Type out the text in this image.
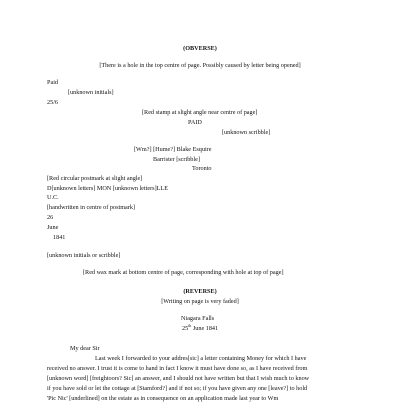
(OBVERSE)
[There is a hole in the top centre of page. Possibly caused by letter being opened]
Paid
[unknown initials]
25/6
[Red stamp at slight angle near centre of page]
PAID
[unknown scribble]
[Wm?] [Hume?] Blake Esquire
Barrister [scribble]
Toronto
[Red circular postmark at slight angle]
D[unknown letters] MON [unknown letters]LLE
U.C.
[handwritten in centre of postmark]
26
June
1841
[unknown initials or scribble]
[Red wax mark at bottom centre of page, corresponding with hole at top of page]
(REVERSE)
[Writing on page is very faded]
Niagara Falls
25th June 1841
My dear Sir
Last week I forwarded to your addres[sic] a letter containing Money for which I have
received no answer. I trust it is come to hand in fact I know it must have done so, as I have received from
[unknown word] [freightoors? Sic] an answer, and I should not have written but that I wish much to know
if you have sold or let the cottage at [Stamford?] and if not so; if you have given any one [leave?] to hold
'Pic Nic' [underlined] on the estate as in consequence on an application made last year to Wm
